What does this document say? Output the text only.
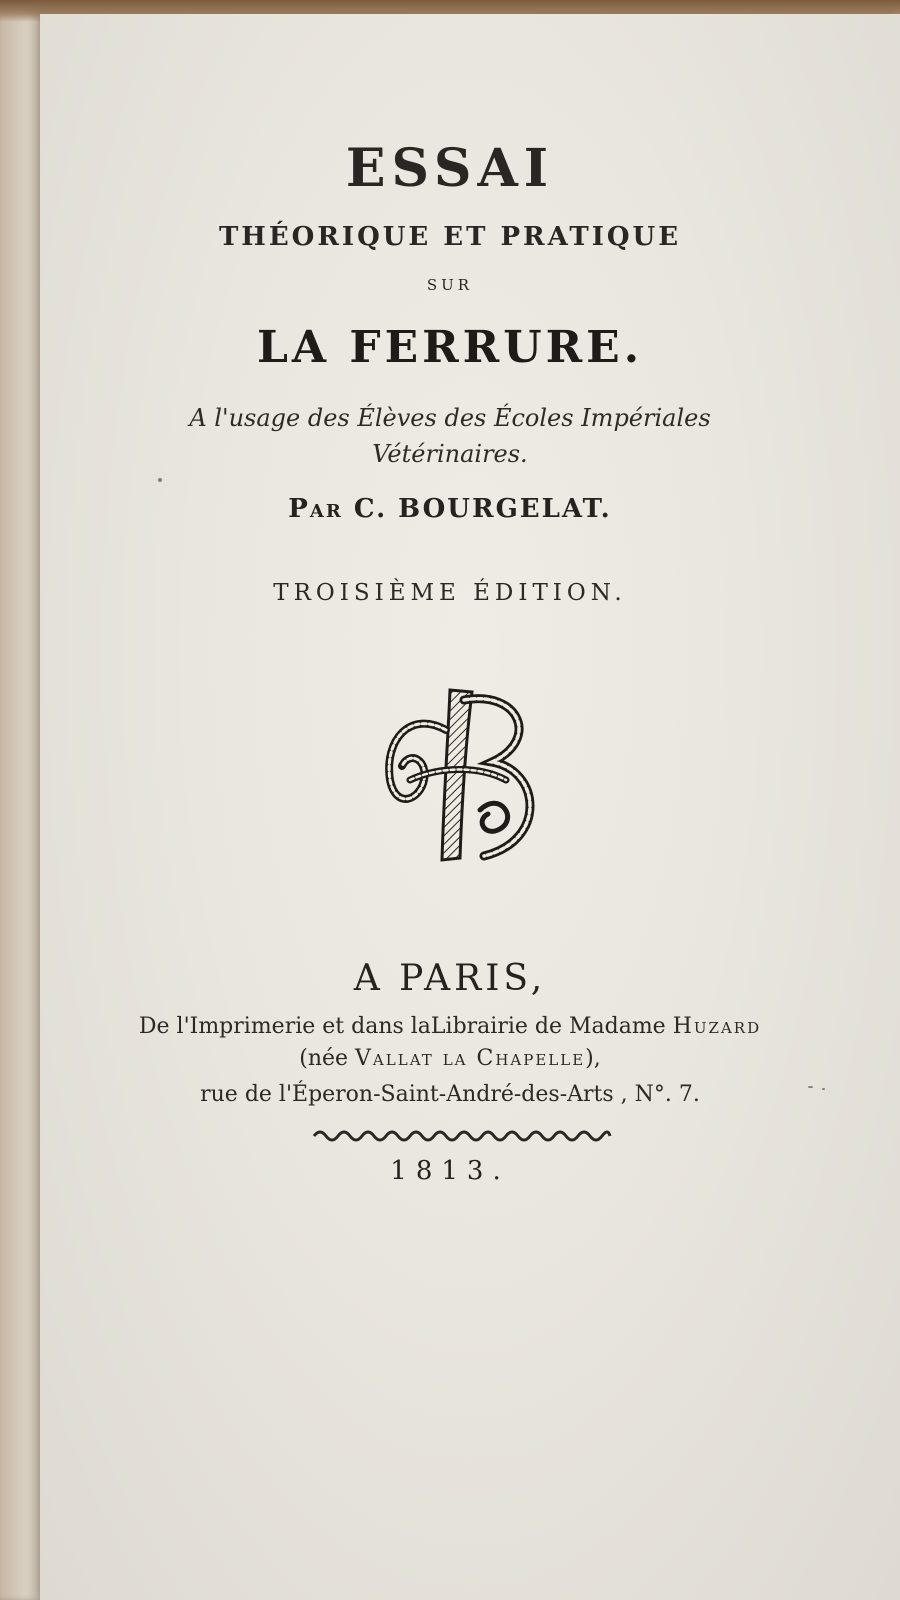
ESSAI
THÉORIQUE ET PRATIQUE
SUR
LA FERRURE.
A l'usage des Élèves des Écoles Impériales
Vétérinaires.
Par C. BOURGELAT.
TROISIÈME ÉDITION.
A PARIS,
De l'Imprimerie et dans laLibrairie de Madame Huzard
(née Vallat la Chapelle),
rue de l'Éperon-Saint-André-des-Arts , N°. 7.
1813.
